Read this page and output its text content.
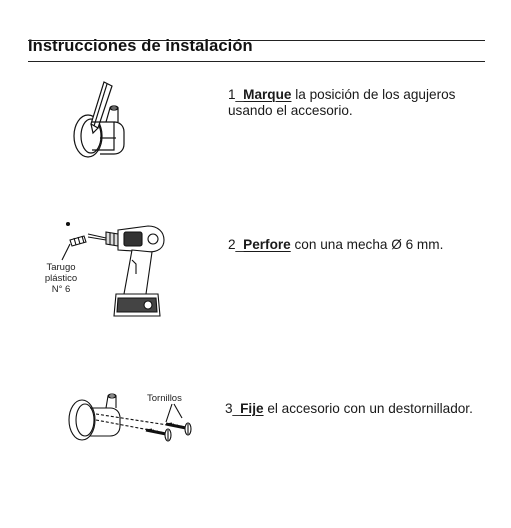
Instrucciones de instalación
1_Marque la posición de los agujeros
usando el accesorio.
Tarugo
plástico
N° 6
2_Perfore con una mecha Ø 6 mm.
Tornillos
3_Fije el accesorio con un destornillador.
